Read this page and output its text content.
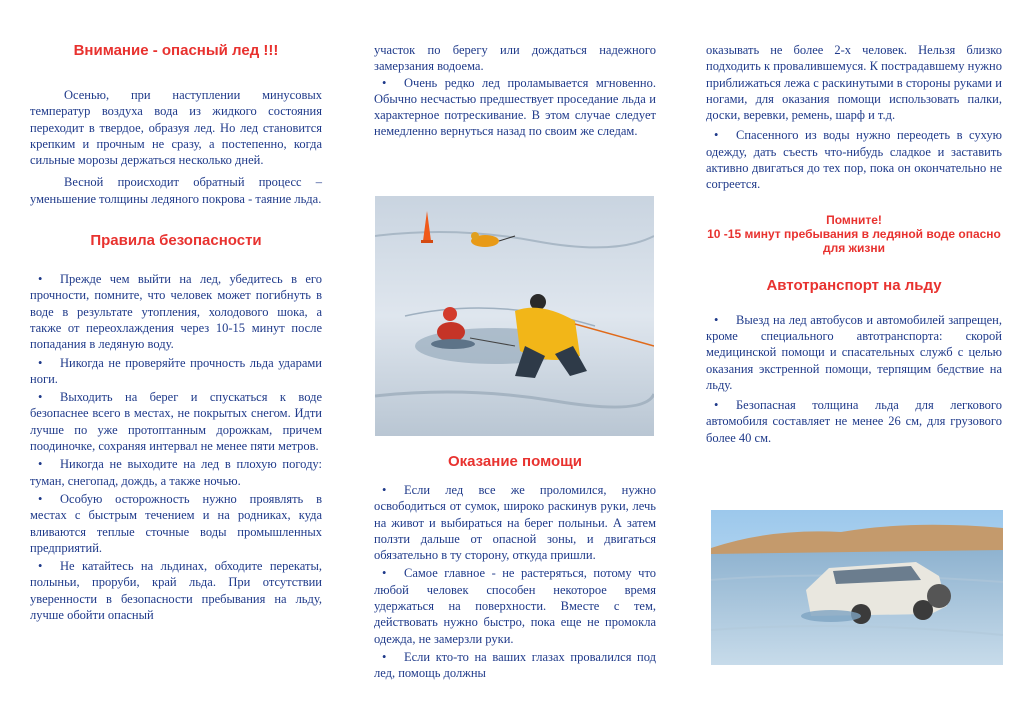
Внимание - опасный лед !!!

Осенью, при наступлении минусовых температур воздуха вода из жидкого состояния переходит в твердое, образуя лед. Но лед становится крепким и прочным не сразу, а постепенно, когда сильные морозы держаться несколько дней.

Весной происходит обратный процесс – уменьшение толщины ледяного покрова - таяние льда.

Правила безопасности

• Прежде чем выйти на лед, убедитесь в его прочности, помните, что человек может погибнуть в воде в результате утопления, холодового шока, а также от переохлаждения через 10-15 минут после попадания в ледяную воду.

• Никогда не проверяйте прочность льда ударами ноги.

• Выходить на берег и спускаться к воде безопаснее всего в местах, не покрытых снегом. Идти лучше по уже протоптанным дорожкам, причем поодиночке, сохраняя интервал не менее пяти метров.

• Никогда не выходите на лед в плохую погоду: туман, снегопад, дождь, а также ночью.

• Особую осторожность нужно проявлять в местах с быстрым течением и на родниках, куда вливаются теплые сточные воды промышленных предприятий.

• Не катайтесь на льдинах, обходите перекаты, полыньи, проруби, край льда. При отсутствии уверенности в безопасности пребывания на льду, лучше обойти опасный

участок по берегу или дождаться надежного замерзания водоема.

• Очень редко лед проламывается мгновенно. Обычно несчастью предшествует проседание льда и характерное потрескивание. В этом случае следует немедленно вернуться назад по своим же следам.

Оказание помощи

• Если лед все же проломился, нужно освободиться от сумок, широко раскинув руки, лечь на живот и выбираться на берег полыньи. А затем ползти дальше от опасной зоны, и двигаться обязательно в ту сторону, откуда пришли.

• Самое главное - не растеряться, потому что любой человек способен некоторое время удержаться на поверхности. Вместе с тем, действовать нужно быстро, пока еще не промокла одежда, не замерзли руки.

• Если кто-то на ваших глазах провалился под лед, помощь должны

оказывать не более 2-х человек. Нельзя близко подходить к провалившемуся. К пострадавшему нужно приближаться лежа с раскинутыми в стороны руками и ногами, для оказания помощи использовать палки, доски, веревки, ремень, шарф и т.д.

• Спасенного из воды нужно переодеть в сухую одежду, дать съесть что-нибудь сладкое и заставить активно двигаться до тех пор, пока он окончательно не согреется.

Помните!

10 -15 минут пребывания в ледяной воде опасно для жизни

Автотранспорт на льду

• Выезд на лед автобусов и автомобилей запрещен, кроме специального автотранспорта: скорой медицинской помощи и спасательных служб с целью оказания экстренной помощи, терпящим бедствие на льду.

• Безопасная толщина льда для легкового автомобиля составляет не менее 26 см, для грузового более 40 см.
